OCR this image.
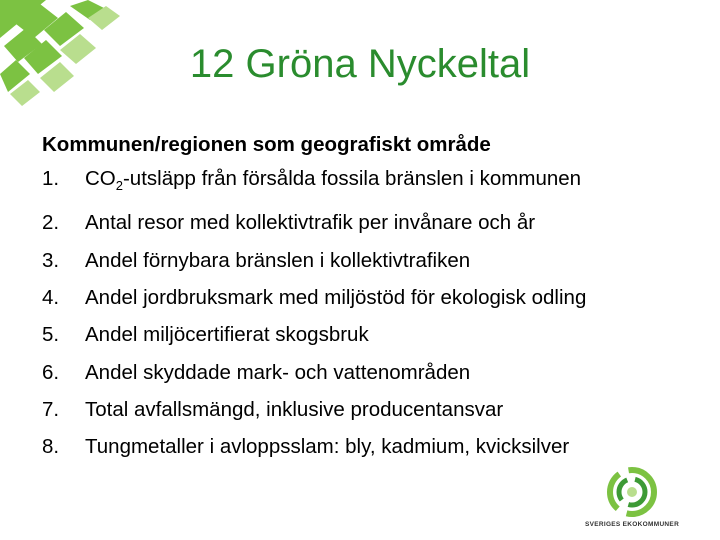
12 Gröna Nyckeltal
Kommunen/regionen som geografiskt område
1.	$CO_2$-utsläpp från försålda fossila bränslen i kommunen
2.	Antal resor med kollektivtrafik per invånare och år
3.	Andel förnybara bränslen i kollektivtrafiken
4.	Andel jordbruksmark med miljöstöd för ekologisk odling
5.	Andel miljöcertifierat skogsbruk
6.	Andel skyddade mark- och vattenområden
7.	Total avfallsmängd, inklusive producentansvar
8.	Tungmetaller i avloppsslam: bly, kadmium, kvicksilver
SVERIGES EKOKOMMUNER
